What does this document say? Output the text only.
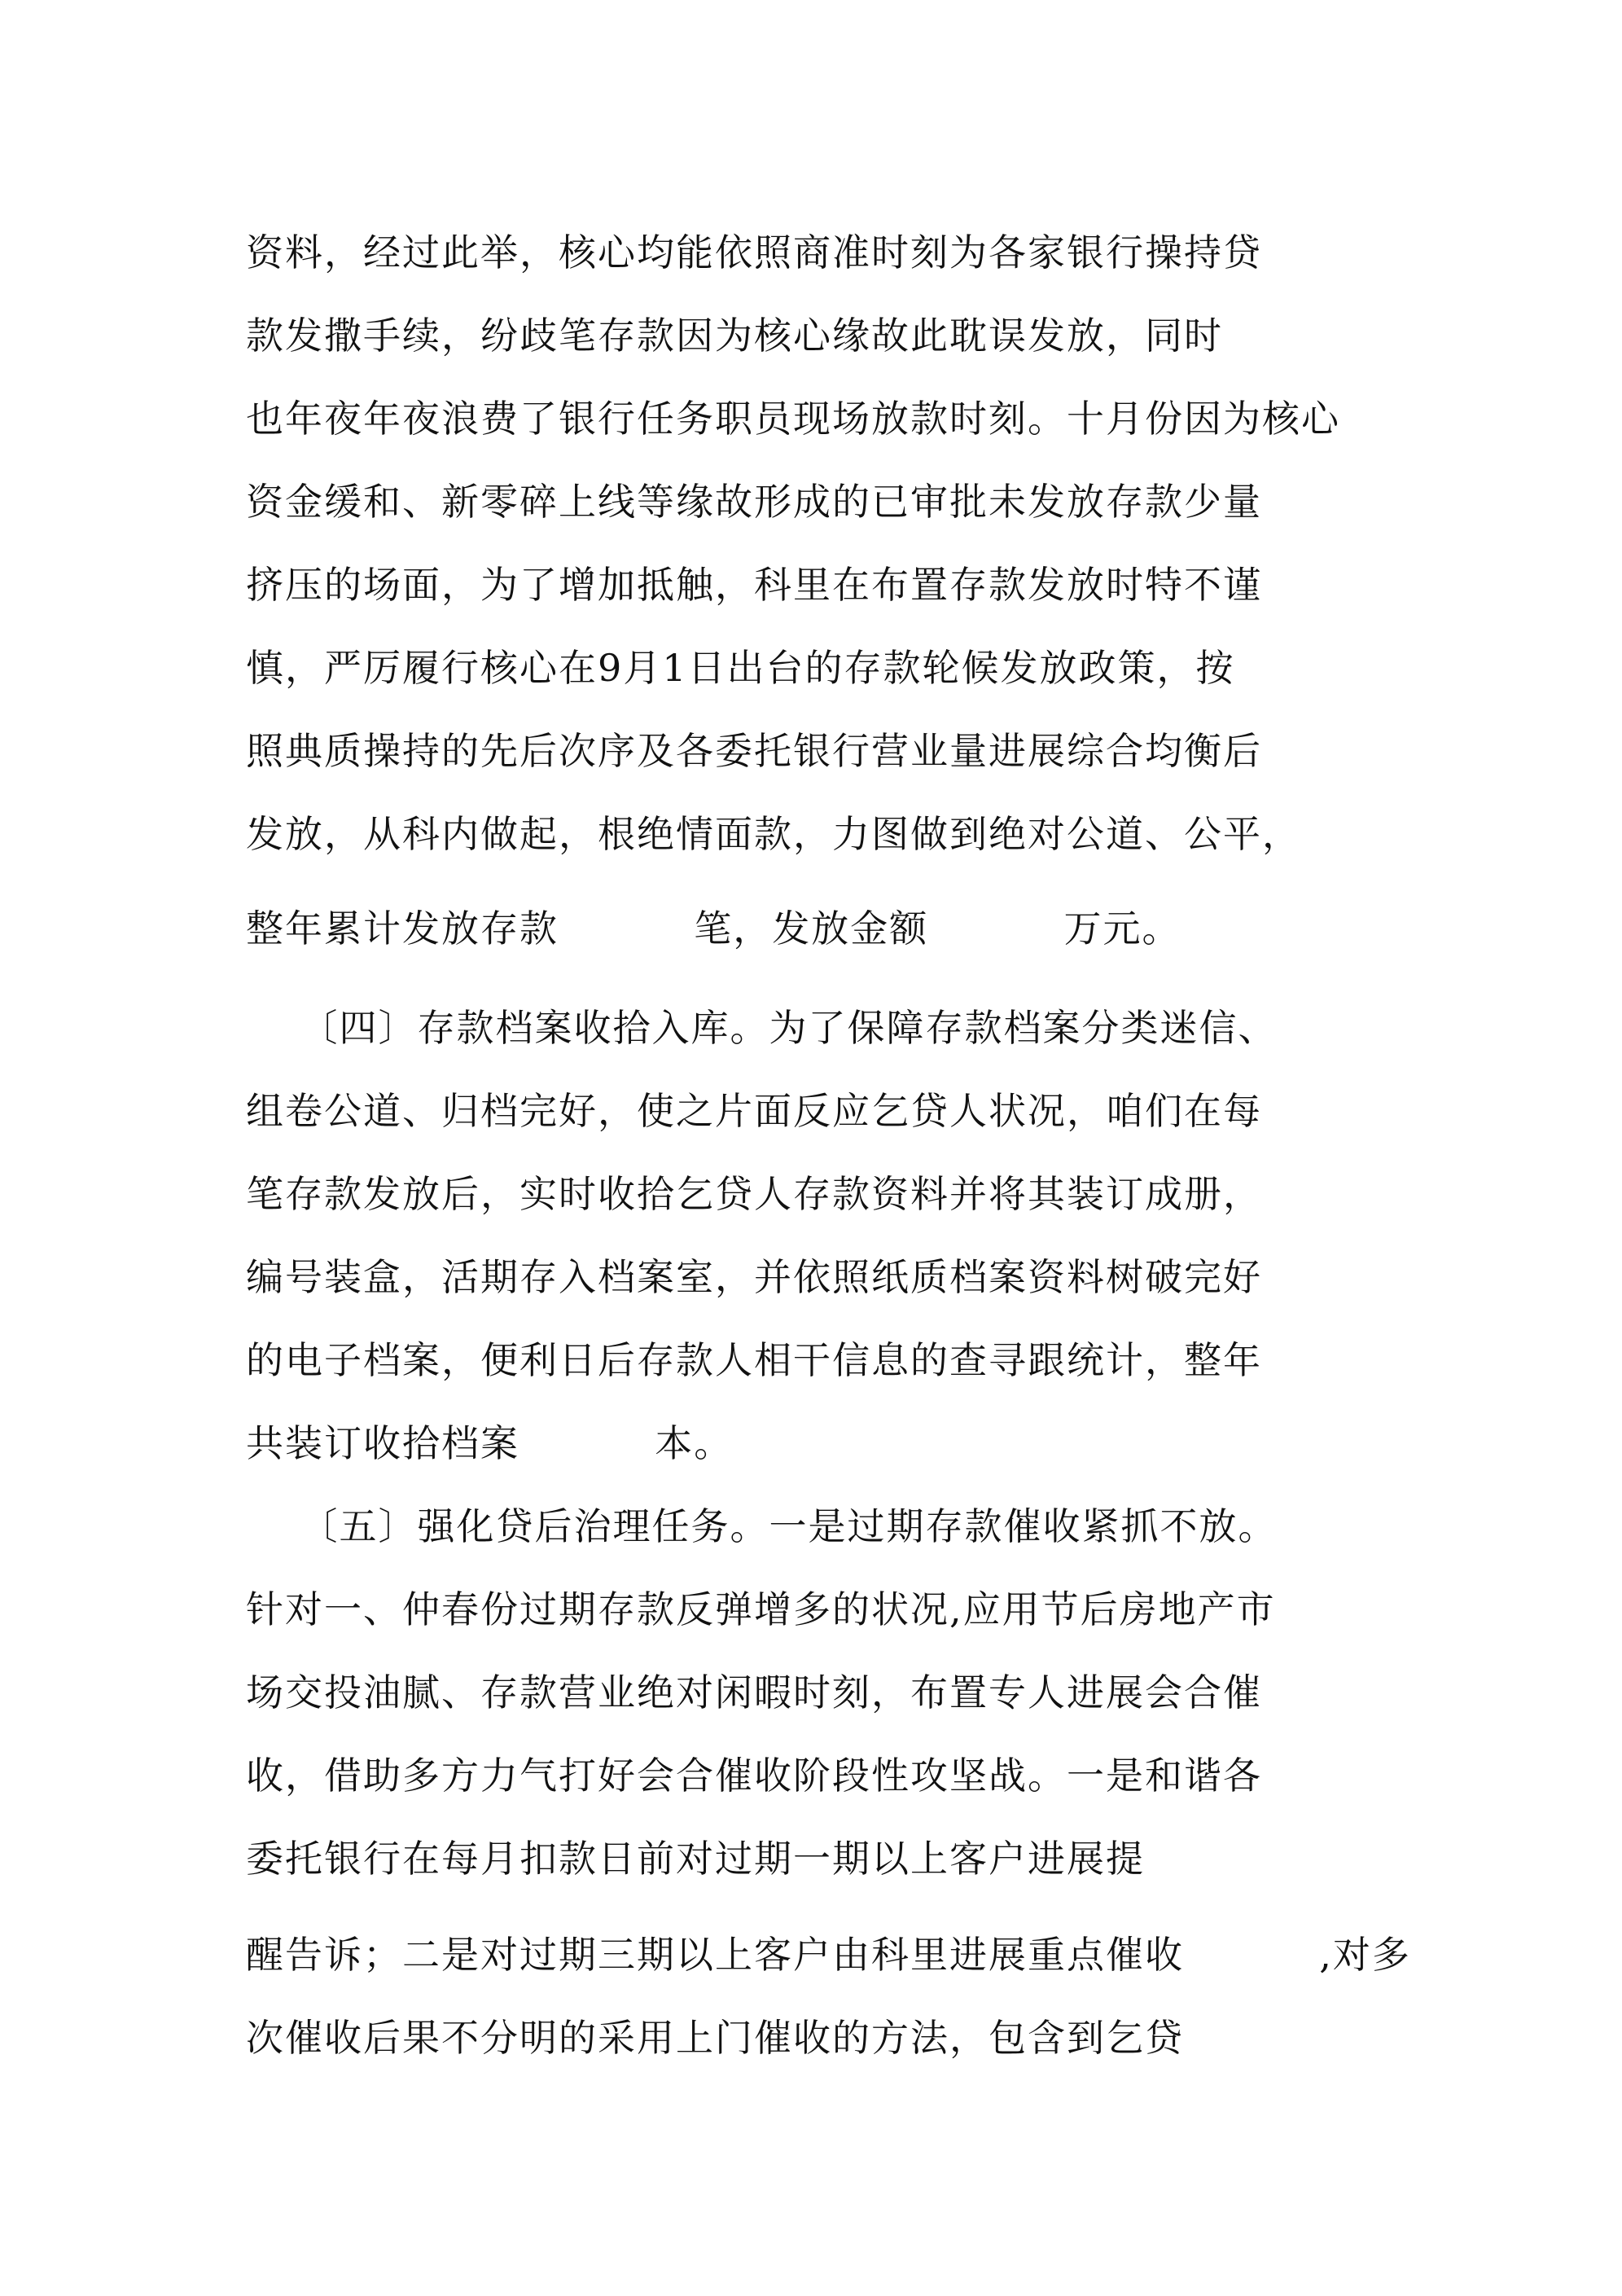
资料，经过此举，核心均能依照商准时刻为各家银行操持贷
款发撒手续，纷歧笔存款因为核心缘故此耽误发放，同时
也年夜年夜浪费了银行任务职员现场放款时刻。十月份因为核心
资金缓和、新零碎上线等缘故形成的已审批未发放存款少量
挤压的场面，为了增加抵触，科里在布置存款发放时特不谨
慎，严厉履行核心在9月1日出台的存款轮候发放政策，按
照典质操持的先后次序及各委托银行营业量进展综合均衡后
发放，从科内做起，根绝情面款，力图做到绝对公道、公平，
整年累计发放存款          笔，发放金额          万元。
〔四〕存款档案收拾入库。为了保障存款档案分类迷信、
组卷公道、归档完好，使之片面反应乞贷人状况，咱们在每
笔存款发放后，实时收拾乞贷人存款资料并将其装订成册，
编号装盒，活期存入档案室，并依照纸质档案资料树破完好
的电子档案，便利日后存款人相干信息的查寻跟统计，整年
共装订收拾档案          本。
〔五〕强化贷后治理任务。一是过期存款催收紧抓不放。
针对一、仲春份过期存款反弹增多的状况,应用节后房地产市
场交投油腻、存款营业绝对闲暇时刻，布置专人进展会合催
收，借助多方力气打好会合催收阶段性攻坚战。一是和谐各
委托银行在每月扣款日前对过期一期以上客户进展提
醒告诉；二是对过期三期以上客户由科里进展重点催收          ,对多
次催收后果不分明的采用上门催收的方法，包含到乞贷
